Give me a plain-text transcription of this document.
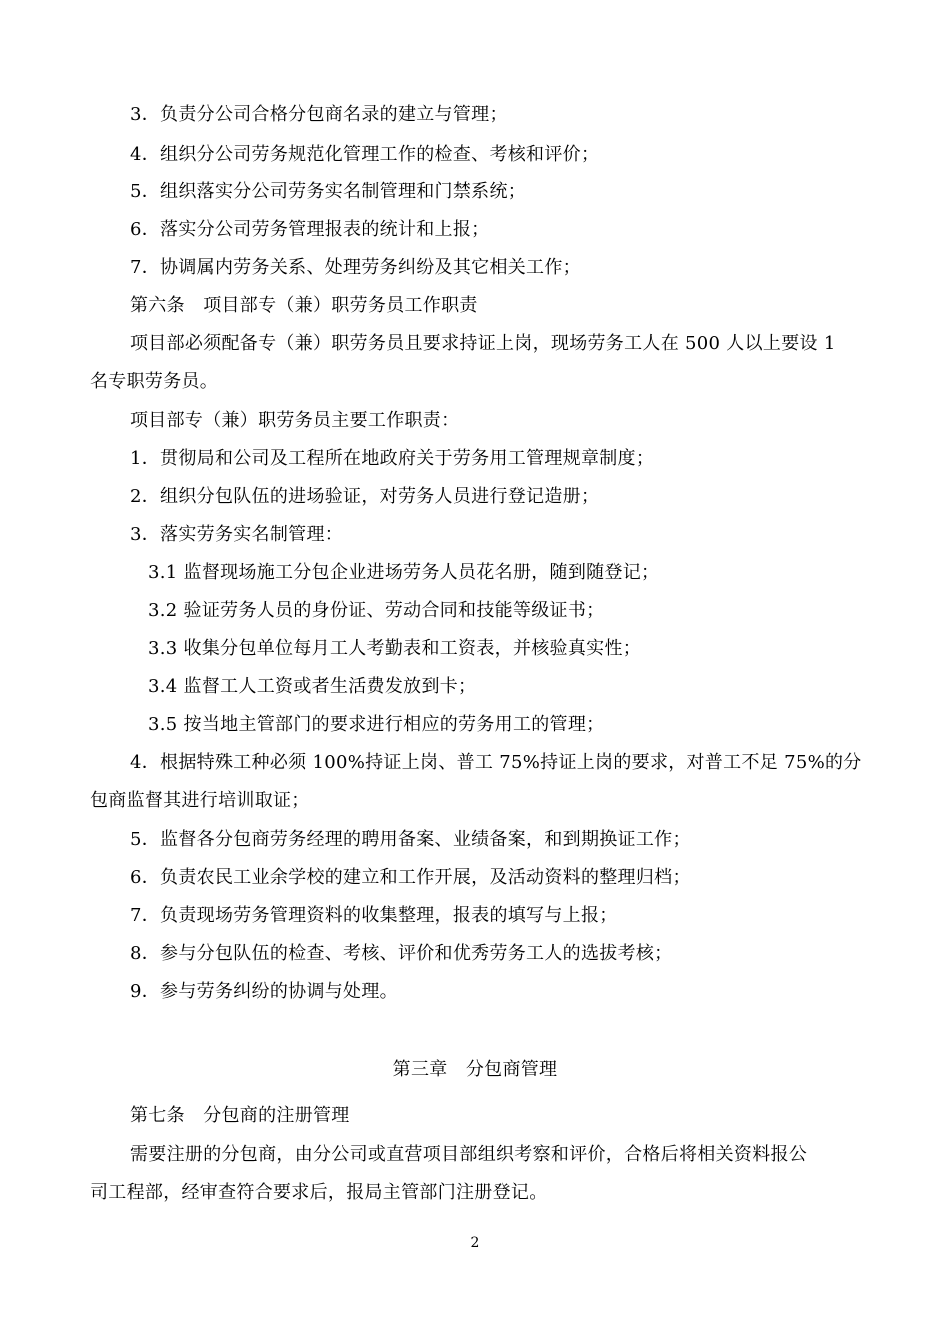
3．负责分公司合格分包商名录的建立与管理；
4．组织分公司劳务规范化管理工作的检查、考核和评价；
5．组织落实分公司劳务实名制管理和门禁系统；
6．落实分公司劳务管理报表的统计和上报；
7．协调属内劳务关系、处理劳务纠纷及其它相关工作；
第六条　项目部专（兼）职劳务员工作职责
项目部必须配备专（兼）职劳务员且要求持证上岗，现场劳务工人在 500 人以上要设 1
名专职劳务员。
项目部专（兼）职劳务员主要工作职责：
1．贯彻局和公司及工程所在地政府关于劳务用工管理规章制度；
2．组织分包队伍的进场验证，对劳务人员进行登记造册；
3．落实劳务实名制管理：
3.1 监督现场施工分包企业进场劳务人员花名册，随到随登记；
3.2 验证劳务人员的身份证、劳动合同和技能等级证书；
3.3 收集分包单位每月工人考勤表和工资表，并核验真实性；
3.4 监督工人工资或者生活费发放到卡；
3.5 按当地主管部门的要求进行相应的劳务用工的管理；
4．根据特殊工种必须 100%持证上岗、普工 75%持证上岗的要求，对普工不足 75%的分
包商监督其进行培训取证；
5．监督各分包商劳务经理的聘用备案、业绩备案，和到期换证工作；
6．负责农民工业余学校的建立和工作开展，及活动资料的整理归档；
7．负责现场劳务管理资料的收集整理，报表的填写与上报；
8．参与分包队伍的检查、考核、评价和优秀劳务工人的选拔考核；
9．参与劳务纠纷的协调与处理。
第三章　分包商管理
第七条　分包商的注册管理
需要注册的分包商，由分公司或直营项目部组织考察和评价，合格后将相关资料报公
司工程部，经审查符合要求后，报局主管部门注册登记。
2
